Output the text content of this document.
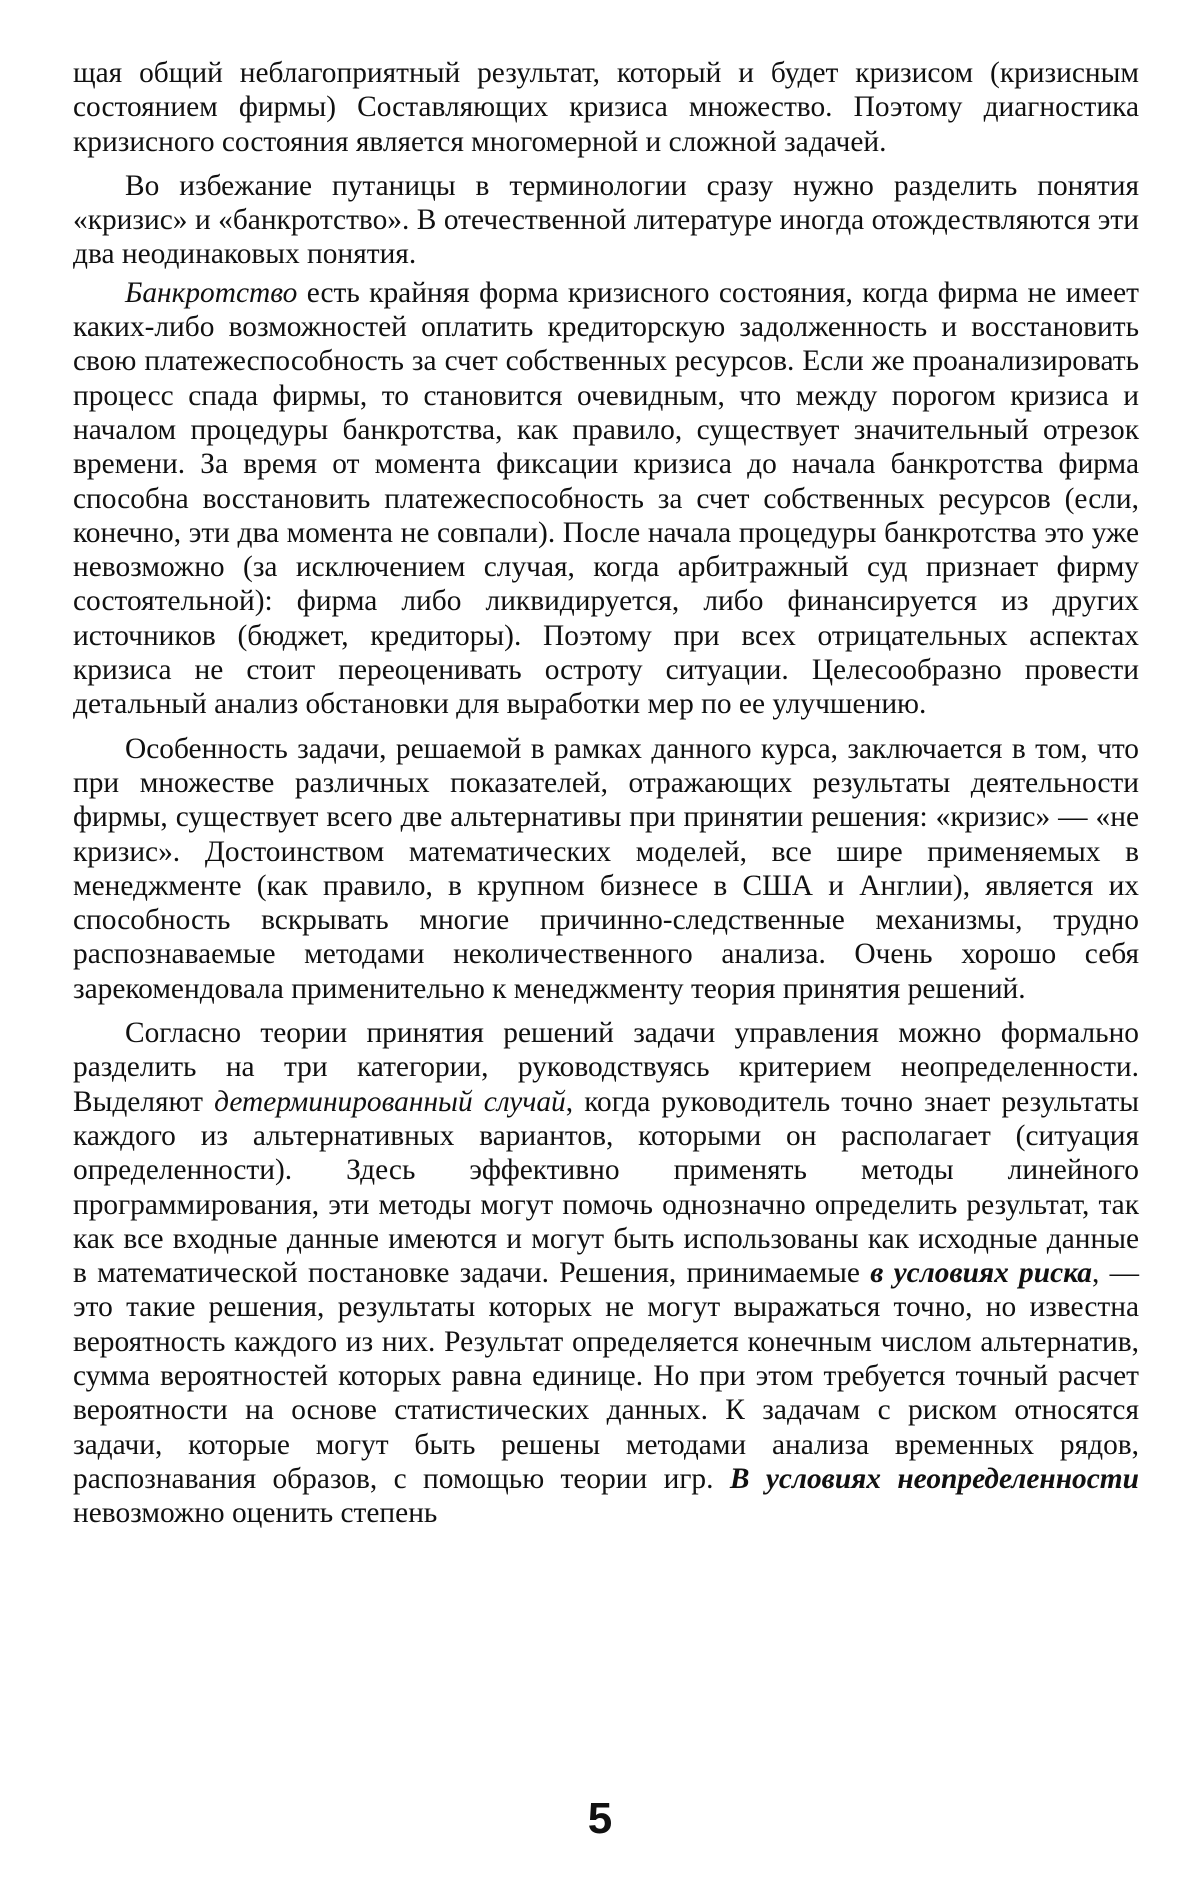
щая общий неблагоприятный результат, который и будет кризисом (кризисным состоянием фирмы) Составляющих кризиса множество. Поэтому диагностика кризисного состояния является многомерной и сложной задачей.

Во избежание путаницы в терминологии сразу нужно разделить понятия «кризис» и «банкротство». В отечественной литературе иногда отождествляются эти два неодинаковых понятия.

Банкротство есть крайняя форма кризисного состояния, когда фирма не имеет каких-либо возможностей оплатить кредиторскую задолженность и восстановить свою платежеспособность за счет собственных ресурсов. Если же проанализировать процесс спада фирмы, то становится очевидным, что между порогом кризиса и началом процедуры банкротства, как правило, существует значительный отрезок времени. За время от момента фиксации кризиса до начала банкротства фирма способна восстановить платежеспособность за счет собственных ресурсов (если, конечно, эти два момента не совпали). После начала процедуры банкротства это уже невозможно (за исключением случая, когда арбитражный суд признает фирму состоятельной): фирма либо ликвидируется, либо финансируется из других источников (бюджет, кредиторы). Поэтому при всех отрицательных аспектах кризиса не стоит переоценивать остроту ситуации. Целесообразно провести детальный анализ обстановки для выработки мер по ее улучшению.

Особенность задачи, решаемой в рамках данного курса, заключается в том, что при множестве различных показателей, отражающих результаты деятельности фирмы, существует всего две альтернативы при принятии решения: «кризис» — «не кризис». Достоинством математических моделей, все шире применяемых в менеджменте (как правило, в крупном бизнесе в США и Англии), является их способность вскрывать многие причинно-следственные механизмы, трудно распознаваемые методами неколичественного анализа. Очень хорошо себя зарекомендовала применительно к менеджменту теория принятия решений.

Согласно теории принятия решений задачи управления можно формально разделить на три категории, руководствуясь критерием неопределенности. Выделяют детерминированный случай, когда руководитель точно знает результаты каждого из альтернативных вариантов, которыми он располагает (ситуация определенности). Здесь эффективно применять методы линейного программирования, эти методы могут помочь однозначно определить результат, так как все входные данные имеются и могут быть использованы как исходные данные в математической постановке задачи. Решения, принимаемые в условиях риска, — это такие решения, результаты которых не могут выражаться точно, но известна вероятность каждого из них. Результат определяется конечным числом альтернатив, сумма вероятностей которых равна единице. Но при этом требуется точный расчет вероятности на основе статистических данных. К задачам с риском относятся задачи, которые могут быть решены методами анализа временных рядов, распознавания образов, с помощью теории игр. В условиях неопределенности невозможно оценить степень

5
